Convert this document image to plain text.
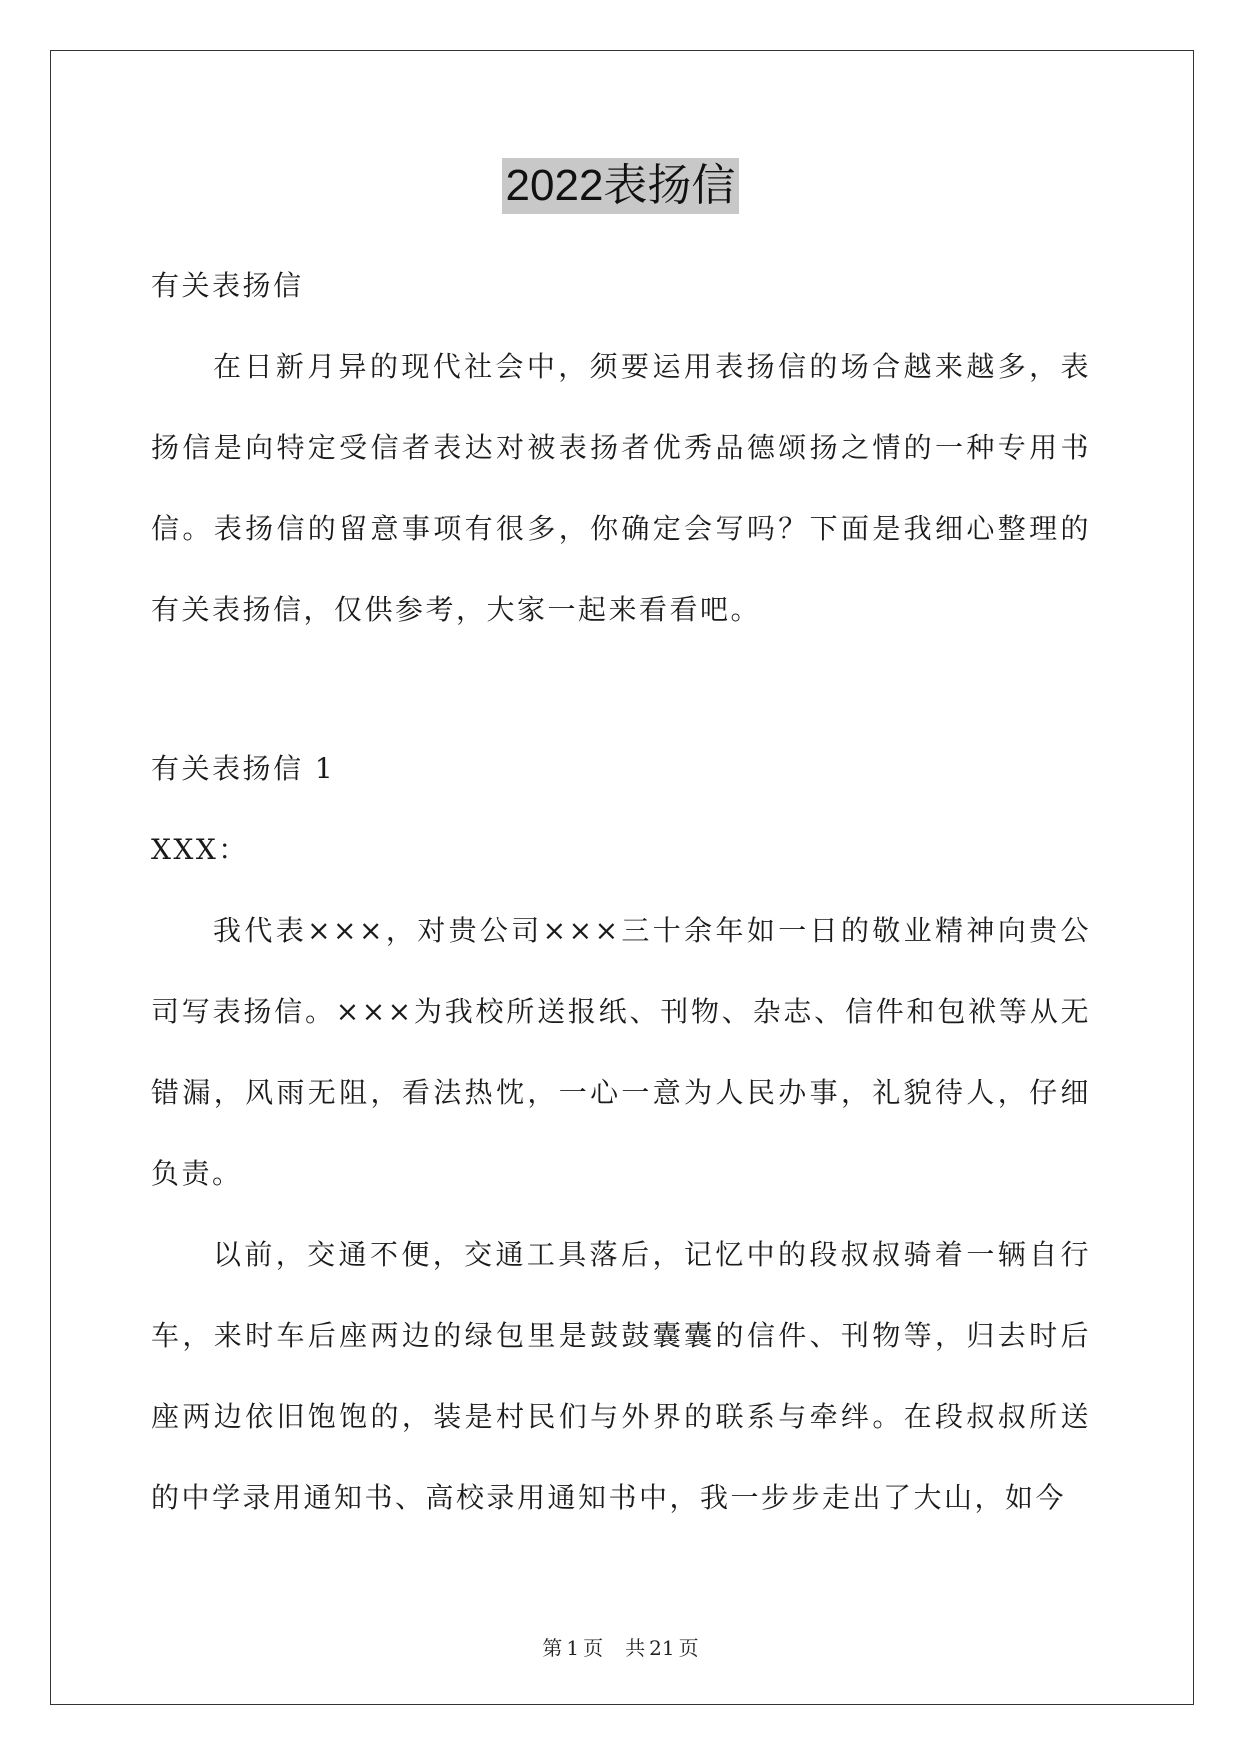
2022表扬信

有关表扬信

在日新月异的现代社会中，须要运用表扬信的场合越来越多，表扬信是向特定受信者表达对被表扬者优秀品德颂扬之情的一种专用书信。表扬信的留意事项有很多，你确定会写吗？下面是我细心整理的有关表扬信，仅供参考，大家一起来看看吧。

有关表扬信 1

XXX：

我代表×××，对贵公司×××三十余年如一日的敬业精神向贵公司写表扬信。×××为我校所送报纸、刊物、杂志、信件和包袱等从无错漏，风雨无阻，看法热忱，一心一意为人民办事，礼貌待人，仔细负责。

以前，交通不便，交通工具落后，记忆中的段叔叔骑着一辆自行车，来时车后座两边的绿包里是鼓鼓囊囊的信件、刊物等，归去时后座两边依旧饱饱的，装是村民们与外界的联系与牵绊。在段叔叔所送的中学录用通知书、高校录用通知书中，我一步步走出了大山，如今

第 1 页 共 21 页
